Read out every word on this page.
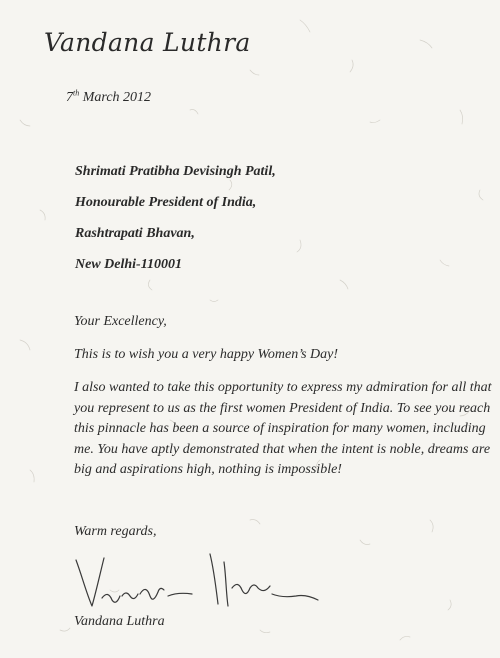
Vandana Luthra
7th March 2012
Shrimati Pratibha Devisingh Patil,
Honourable President of India,
Rashtrapati Bhavan,
New Delhi-110001
Your Excellency,
This is to wish you a very happy Women’s Day!
I also wanted to take this opportunity to express my admiration for all that you represent to us as the first women President of India. To see you reach this pinnacle has been a source of inspiration for many women, including me. You have aptly demonstrated that when the intent is noble, dreams are big and aspirations high, nothing is impossible!
Warm regards,
Vandana Luthra
